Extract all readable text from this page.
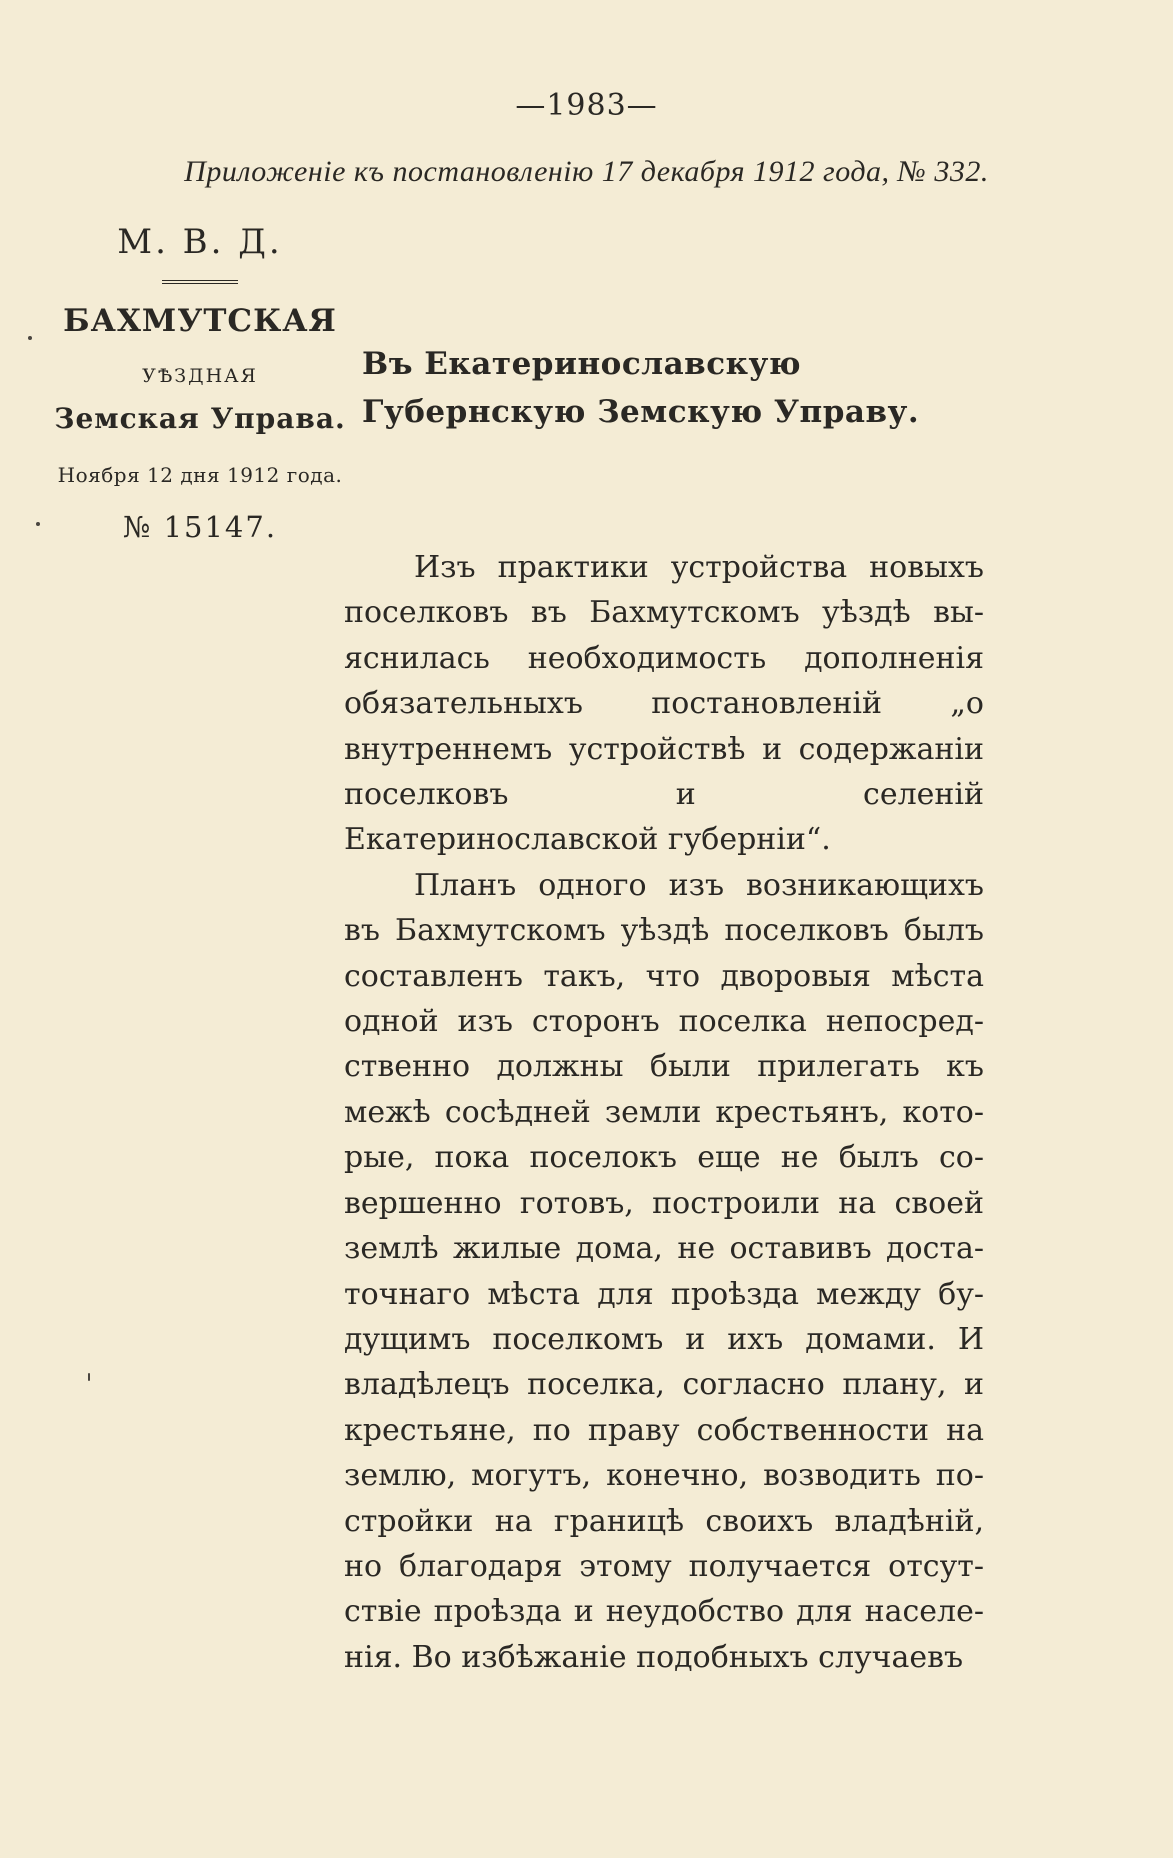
—1983—
Приложеніе къ постановленію 17 декабря 1912 года, № 332.
М. В. Д.
БАХМУТСКАЯ
УѢЗДНАЯ
Земская Управа.
Ноября 12 дня 1912 года.
№ 15147.
Въ Екатеринославскую Губернскую Земскую Управу.

Изъ практики устройства новыхъ поселковъ въ Бахмутскомъ уѣздѣ выяснилась необходимость дополненія обязательныхъ постановленій „о внутреннемъ устройствѣ и содержаніи поселковъ и селеній Екатеринославской губерніи“.

Планъ одного изъ возникающихъ въ Бахмутскомъ уѣздѣ поселковъ былъ составленъ такъ, что дворовыя мѣста одной изъ сторонъ поселка непосредственно должны были прилегать къ межѣ сосѣдней земли крестьянъ, которые, пока поселокъ еще не былъ совершенно готовъ, построили на своей землѣ жилые дома, не оставивъ достаточнаго мѣста для проѣзда между будущимъ поселкомъ и ихъ домами. И владѣлецъ поселка, согласно плану, и крестьяне, по праву собственности на землю, могутъ, конечно, возводить постройки на границѣ своихъ владѣній, но благодаря этому получается отсутствіе проѣзда и неудобство для населенія. Во избѣжаніе подобныхъ случаевъ
